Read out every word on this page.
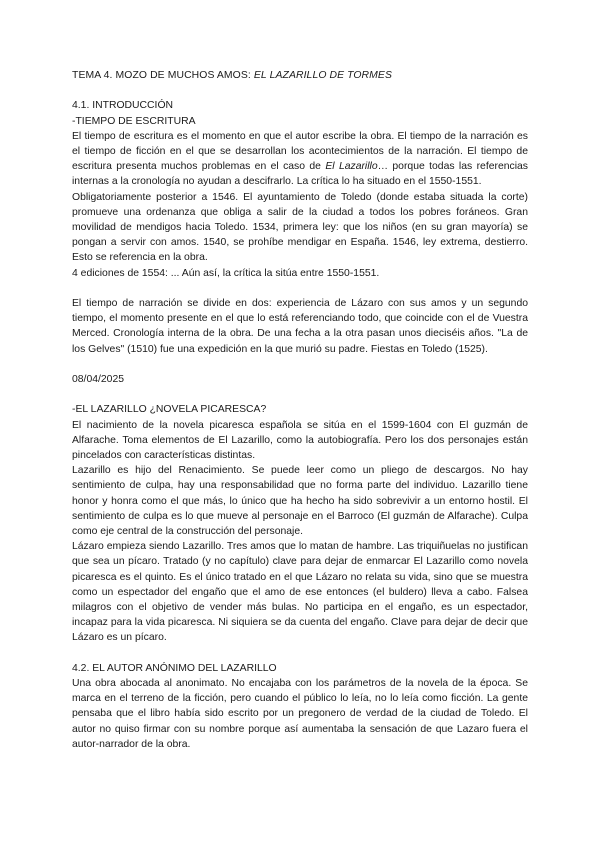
TEMA 4. MOZO DE MUCHOS AMOS: EL LAZARILLO DE TORMES

4.1. INTRODUCCIÓN

-TIEMPO DE ESCRITURA

El tiempo de escritura es el momento en que el autor escribe la obra. El tiempo de la narración es el tiempo de ficción en el que se desarrollan los acontecimientos de la narración. El tiempo de escritura presenta muchos problemas en el caso de El Lazarillo… porque todas las referencias internas a la cronología no ayudan a descifrarlo. La crítica lo ha situado en el 1550-1551.

Obligatoriamente posterior a 1546. El ayuntamiento de Toledo (donde estaba situada la corte) promueve una ordenanza que obliga a salir de la ciudad a todos los pobres foráneos. Gran movilidad de mendigos hacia Toledo. 1534, primera ley: que los niños (en su gran mayoría) se pongan a servir con amos. 1540, se prohíbe mendigar en España. 1546, ley extrema, destierro. Esto se referencia en la obra.

4 ediciones de 1554: ... Aún así, la crítica la sitúa entre 1550-1551.

El tiempo de narración se divide en dos: experiencia de Lázaro con sus amos y un segundo tiempo, el momento presente en el que lo está referenciando todo, que coincide con el de Vuestra Merced. Cronología interna de la obra. De una fecha a la otra pasan unos dieciséis años. "La de los Gelves" (1510) fue una expedición en la que murió su padre. Fiestas en Toledo (1525).

08/04/2025

-EL LAZARILLO ¿NOVELA PICARESCA?

El nacimiento de la novela picaresca española se sitúa en el 1599-1604 con El guzmán de Alfarache. Toma elementos de El Lazarillo, como la autobiografía. Pero los dos personajes están pincelados con características distintas.

Lazarillo es hijo del Renacimiento. Se puede leer como un pliego de descargos. No hay sentimiento de culpa, hay una responsabilidad que no forma parte del individuo. Lazarillo tiene honor y honra como el que más, lo único que ha hecho ha sido sobrevivir a un entorno hostil. El sentimiento de culpa es lo que mueve al personaje en el Barroco (El guzmán de Alfarache). Culpa como eje central de la construcción del personaje.

Lázaro empieza siendo Lazarillo. Tres amos que lo matan de hambre. Las triquiñuelas no justifican que sea un pícaro. Tratado (y no capítulo) clave para dejar de enmarcar El Lazarillo como novela picaresca es el quinto. Es el único tratado en el que Lázaro no relata su vida, sino que se muestra como un espectador del engaño que el amo de ese entonces (el buldero) lleva a cabo. Falsea milagros con el objetivo de vender más bulas. No participa en el engaño, es un espectador, incapaz para la vida picaresca. Ni siquiera se da cuenta del engaño. Clave para dejar de decir que Lázaro es un pícaro.

4.2. EL AUTOR ANÓNIMO DEL LAZARILLO

Una obra abocada al anonimato. No encajaba con los parámetros de la novela de la época. Se marca en el terreno de la ficción, pero cuando el público lo leía, no lo leía como ficción. La gente pensaba que el libro había sido escrito por un pregonero de verdad de la ciudad de Toledo. El autor no quiso firmar con su nombre porque así aumentaba la sensación de que Lazaro fuera el autor-narrador de la obra.
